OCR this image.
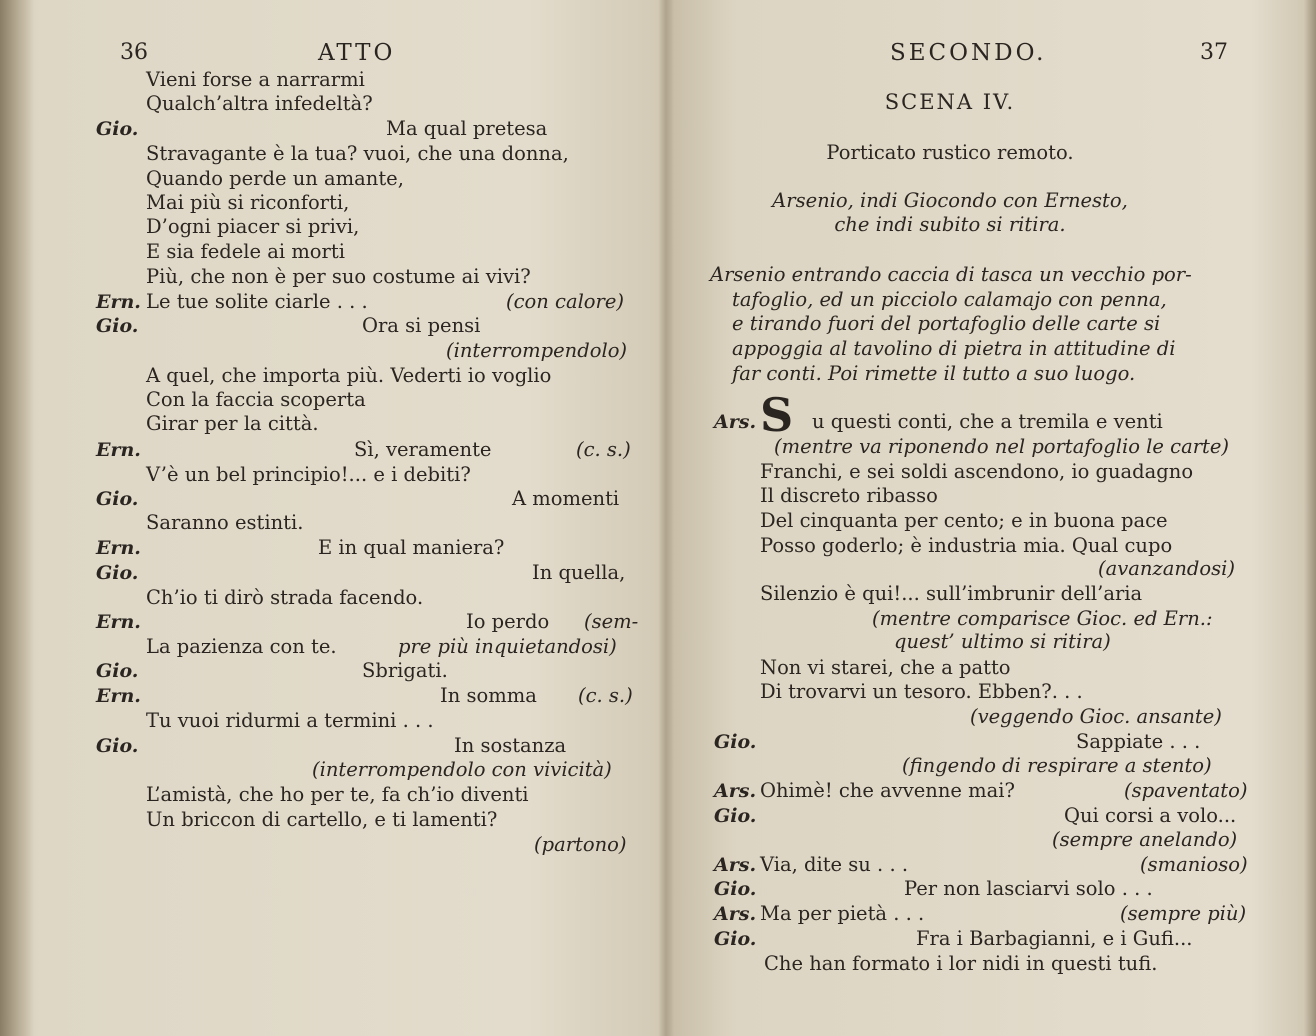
36	ATTO
Vieni forse a narrarmi
Qualch’altra infedeltà?
Gio.	Ma qual pretesa
Stravagante è la tua? vuoi, che una donna,
Quando perde un amante,
Mai più si riconforti,
D’ogni piacer si privi,
E sia fedele ai morti
Più, che non è per suo costume ai vivi?
Ern. Le tue solite ciarle . . .	(con calore)
Gio.	Ora si pensi
(interrompendolo)
A quel, che importa più. Vederti io voglio
Con la faccia scoperta
Girar per la città.
Ern.	Sì, veramente	(c. s.)
V’è un bel principio!... e i debiti?
Gio.	A momenti
Saranno estinti.
Ern.	E in qual maniera?
Gio.	In quella,
Ch’io ti dirò strada facendo.
Ern.	Io perdo (sem-
La pazienza con te.	pre più inquietandosi)
Gio.	Sbrigati.
Ern.	In somma (c. s.)
Tu vuoi ridurmi a termini . . .
Gio.	In sostanza
(interrompendolo con vivicità)
L’amistà, che ho per te, fa ch’io diventi
Un briccon di cartello, e ti lamenti?
(partono)
SECONDO.	37
SCENA IV.
Porticato rustico remoto.
Arsenio, indi Giocondo con Ernesto,
che indi subito si ritira.
Arsenio entrando caccia di tasca un vecchio por-
tafoglio, ed un picciolo calamajo con penna,
e tirando fuori del portafoglio delle carte si
appoggia al tavolino di pietra in attitudine di
far conti. Poi rimette il tutto a suo luogo.
S
Ars.	u questi conti, che a tremila e venti
(mentre va riponendo nel portafoglio le carte)
Franchi, e sei soldi ascendono, io guadagno
Il discreto ribasso
Del cinquanta per cento; e in buona pace
Posso goderlo; è industria mia. Qual cupo
(avanzandosi)
Silenzio è qui!... sull’imbrunir dell’aria
(mentre comparisce Gioc. ed Ern.:
quest’ ultimo si ritira)
Non vi starei, che a patto
Di trovarvi un tesoro. Ebben?. . .
(veggendo Gioc. ansante)
Gio.	Sappiate . . .
(fingendo di respirare a stento)
Ars. Ohimè! che avvenne mai?	(spaventato)
Gio.	Qui corsi a volo...
(sempre anelando)
Ars. Via, dite su . . .	(smanioso)
Gio.	Per non lasciarvi solo . . .
Ars. Ma per pietà . . .	(sempre più)
Gio.	Fra i Barbagianni, e i Gufi...
Che han formato i lor nidi in questi tufi.
